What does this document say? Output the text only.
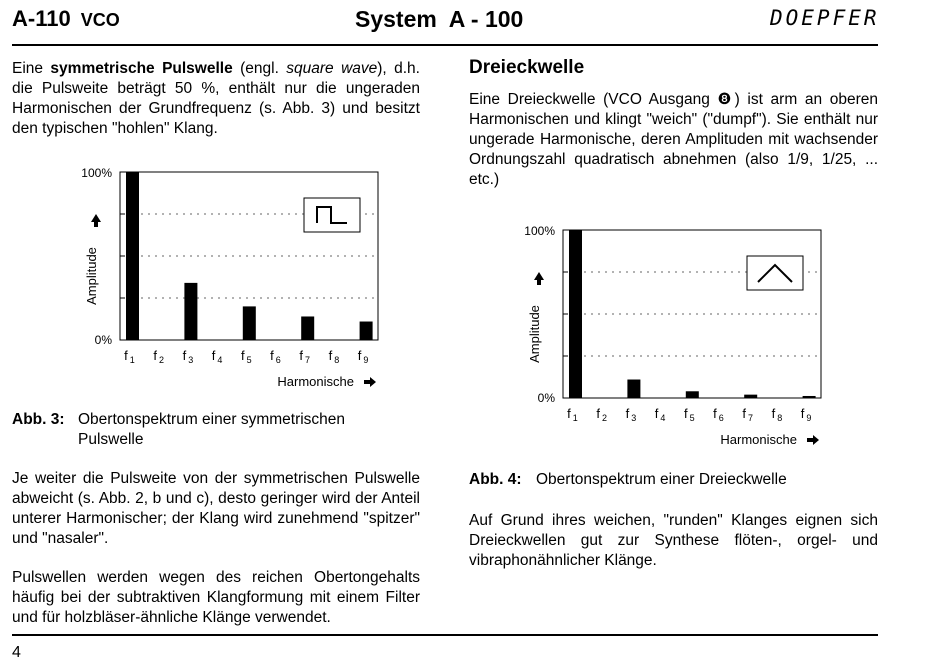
A-110 VCO	System  A - 100	DOEPFER

Eine symmetrische Pulswelle (engl. square wave), d.h. die Pulsweite beträgt 50 %, enthält nur die ungeraden Harmonischen der Grundfrequenz (s. Abb. 3) und besitzt den typischen "hohlen" Klang.

100%
0%
Amplitude
f $_1$ f $_2$ f $_3$ f $_4$ f $_5$ f $_6$ f $_7$ f $_8$ f $_9$
Harmonische
Abb. 3: Obertonspektrum einer symmetrischen Pulswelle

Je weiter die Pulsweite von der symmetrischen Pulswelle abweicht (s. Abb. 2, b und c), desto geringer wird der Anteil unterer Harmonischer; der Klang wird zunehmend "spitzer" und "nasaler".

Pulswellen werden wegen des reichen Obertongehalts häufig bei der subtraktiven Klangformung mit einem Filter und für holzbläser-ähnliche Klänge verwendet.

Dreieckwelle

Eine Dreieckwelle (VCO Ausgang ❽) ist arm an oberen Harmonischen und klingt "weich" ("dumpf"). Sie enthält nur ungerade Harmonische, deren Amplituden mit wachsender Ordnungszahl quadratisch abnehmen (also 1/9, 1/25, ... etc.)

100%
0%
Amplitude
f $_1$ f $_2$ f $_3$ f $_4$ f $_5$ f $_6$ f $_7$ f $_8$ f $_9$
Harmonische
Abb. 4: Obertonspektrum einer Dreieckwelle

Auf Grund ihres weichen, "runden" Klanges eignen sich Dreieckwellen gut zur Synthese flöten-, orgel- und vibraphonähnlicher Klänge.

4
